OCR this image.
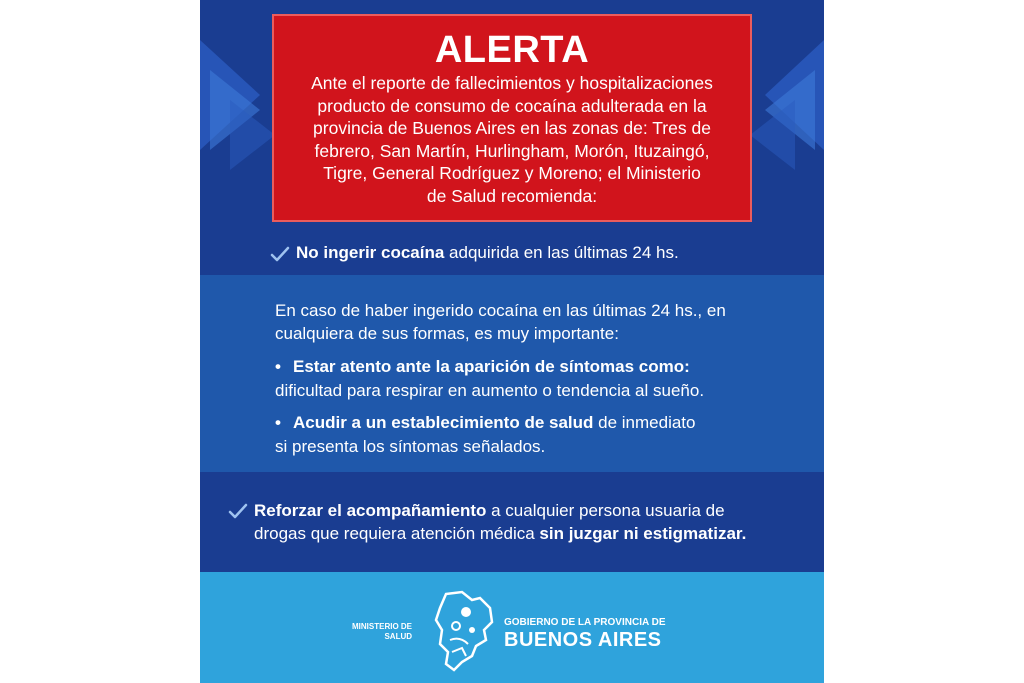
ALERTA
Ante el reporte de fallecimientos y hospitalizaciones
producto de consumo de cocaína adulterada en la
provincia de Buenos Aires en las zonas de: Tres de
febrero, San Martín, Hurlingham, Morón, Ituzaingó,
Tigre, General Rodríguez y Moreno; el Ministerio
de Salud recomienda:
No ingerir cocaína adquirida en las últimas 24 hs.
En caso de haber ingerido cocaína en las últimas 24 hs., en
cualquiera de sus formas, es muy importante:
• Estar atento ante la aparición de síntomas como:
dificultad para respirar en aumento o tendencia al sueño.
• Acudir a un establecimiento de salud de inmediato
si presenta los síntomas señalados.
Reforzar el acompañamiento a cualquier persona usuaria de
drogas que requiera atención médica sin juzgar ni estigmatizar.
MINISTERIO DE
SALUD
GOBIERNO DE LA PROVINCIA DE
BUENOS AIRES
